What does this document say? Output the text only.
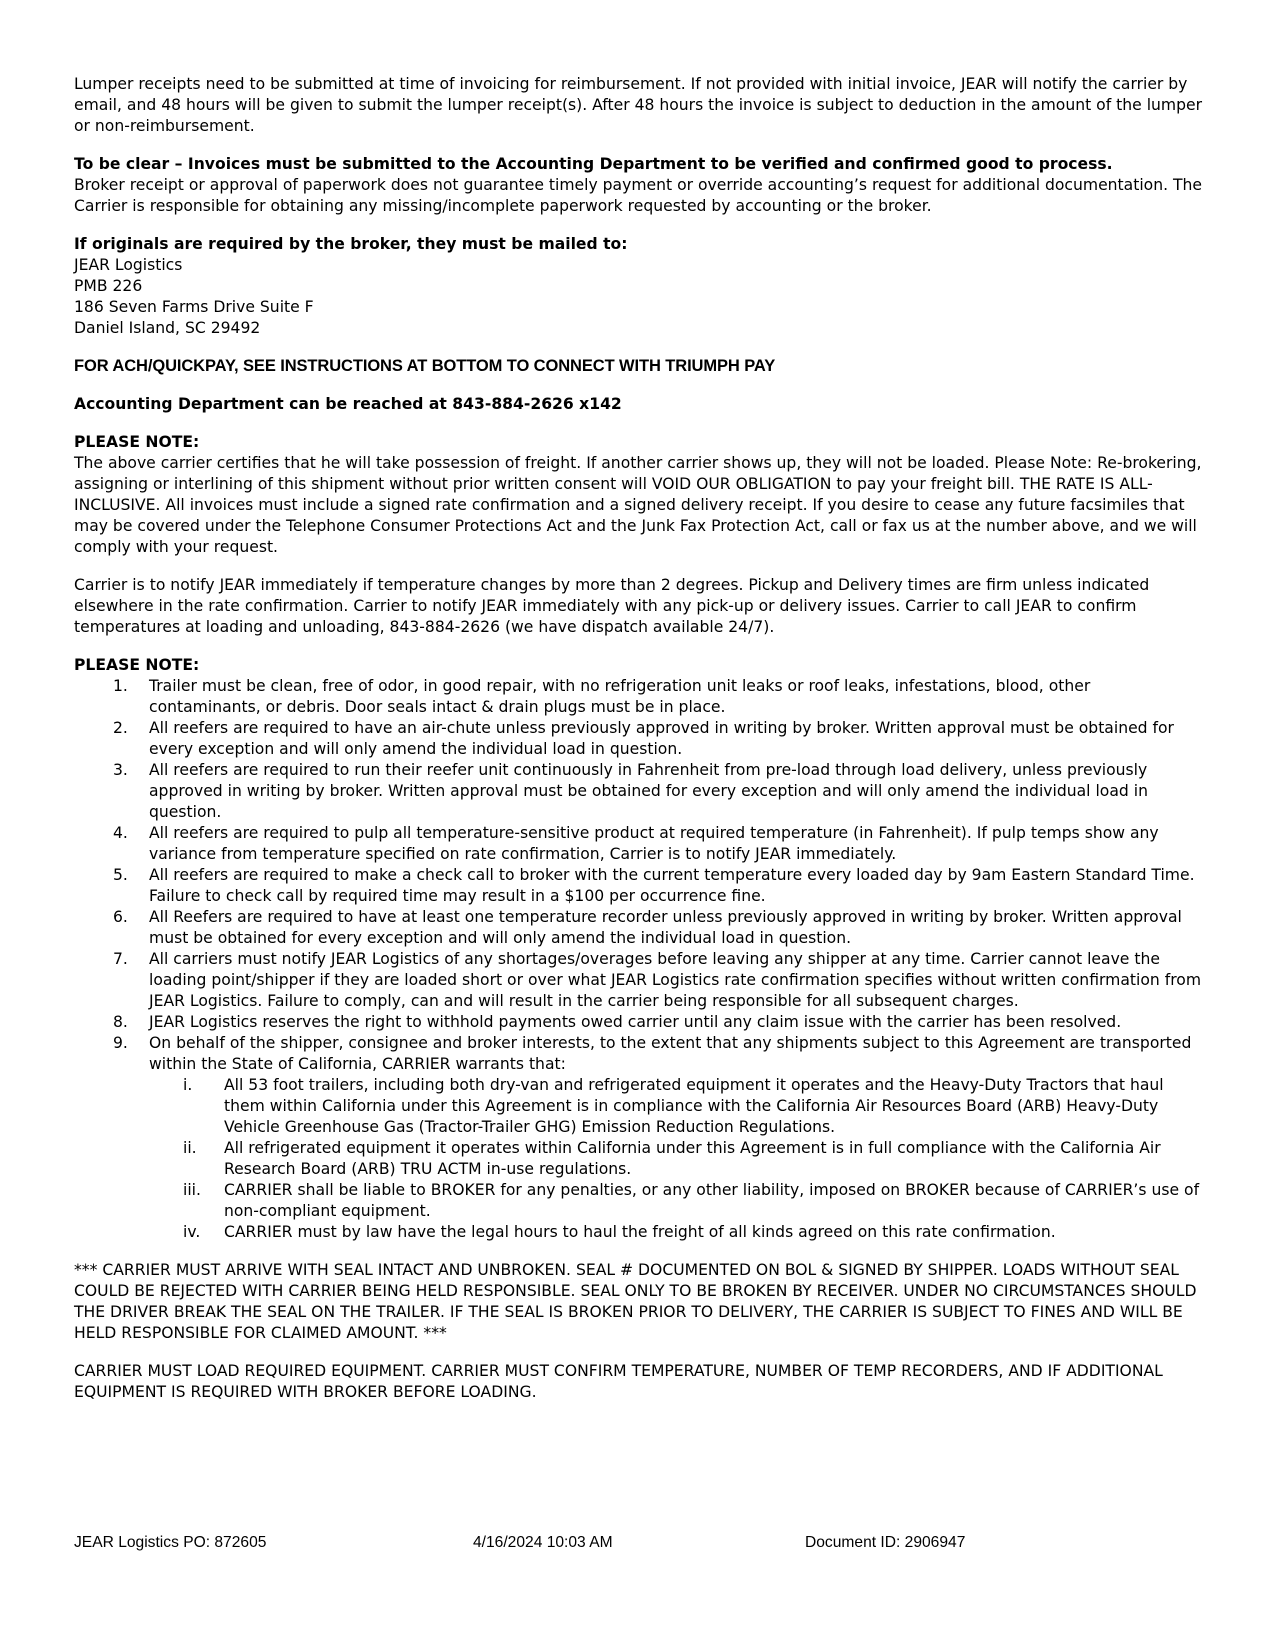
Lumper receipts need to be submitted at time of invoicing for reimbursement. If not provided with initial invoice, JEAR will notify the carrier by email, and 48 hours will be given to submit the lumper receipt(s). After 48 hours the invoice is subject to deduction in the amount of the lumper or non-reimbursement.

To be clear – Invoices must be submitted to the Accounting Department to be verified and confirmed good to process.

Broker receipt or approval of paperwork does not guarantee timely payment or override accounting’s request for additional documentation. The Carrier is responsible for obtaining any missing/incomplete paperwork requested by accounting or the broker.

If originals are required by the broker, they must be mailed to:

JEAR Logistics

PMB 226

186 Seven Farms Drive Suite F

Daniel Island, SC 29492

FOR ACH/QUICKPAY, SEE INSTRUCTIONS AT BOTTOM TO CONNECT WITH TRIUMPH PAY

Accounting Department can be reached at 843-884-2626 x142

PLEASE NOTE:

The above carrier certifies that he will take possession of freight. If another carrier shows up, they will not be loaded. Please Note: Re-brokering, assigning or interlining of this shipment without prior written consent will VOID OUR OBLIGATION to pay your freight bill. THE RATE IS ALL-INCLUSIVE. All invoices must include a signed rate confirmation and a signed delivery receipt. If you desire to cease any future facsimiles that may be covered under the Telephone Consumer Protections Act and the Junk Fax Protection Act, call or fax us at the number above, and we will comply with your request.

Carrier is to notify JEAR immediately if temperature changes by more than 2 degrees. Pickup and Delivery times are firm unless indicated elsewhere in the rate confirmation. Carrier to notify JEAR immediately with any pick-up or delivery issues. Carrier to call JEAR to confirm temperatures at loading and unloading, 843-884-2626 (we have dispatch available 24/7).

PLEASE NOTE:

1. Trailer must be clean, free of odor, in good repair, with no refrigeration unit leaks or roof leaks, infestations, blood, other contaminants, or debris. Door seals intact & drain plugs must be in place.
2. All reefers are required to have an air-chute unless previously approved in writing by broker. Written approval must be obtained for every exception and will only amend the individual load in question.
3. All reefers are required to run their reefer unit continuously in Fahrenheit from pre-load through load delivery, unless previously approved in writing by broker. Written approval must be obtained for every exception and will only amend the individual load in question.
4. All reefers are required to pulp all temperature-sensitive product at required temperature (in Fahrenheit). If pulp temps show any variance from temperature specified on rate confirmation, Carrier is to notify JEAR immediately.
5. All reefers are required to make a check call to broker with the current temperature every loaded day by 9am Eastern Standard Time. Failure to check call by required time may result in a $100 per occurrence fine.
6. All Reefers are required to have at least one temperature recorder unless previously approved in writing by broker. Written approval must be obtained for every exception and will only amend the individual load in question.
7. All carriers must notify JEAR Logistics of any shortages/overages before leaving any shipper at any time. Carrier cannot leave the loading point/shipper if they are loaded short or over what JEAR Logistics rate confirmation specifies without written confirmation from JEAR Logistics. Failure to comply, can and will result in the carrier being responsible for all subsequent charges.
8. JEAR Logistics reserves the right to withhold payments owed carrier until any claim issue with the carrier has been resolved.
9. On behalf of the shipper, consignee and broker interests, to the extent that any shipments subject to this Agreement are transported within the State of California, CARRIER warrants that:
i. All 53 foot trailers, including both dry-van and refrigerated equipment it operates and the Heavy-Duty Tractors that haul them within California under this Agreement is in compliance with the California Air Resources Board (ARB) Heavy-Duty Vehicle Greenhouse Gas (Tractor-Trailer GHG) Emission Reduction Regulations.
ii. All refrigerated equipment it operates within California under this Agreement is in full compliance with the California Air Research Board (ARB) TRU ACTM in-use regulations.
iii. CARRIER shall be liable to BROKER for any penalties, or any other liability, imposed on BROKER because of CARRIER’s use of non-compliant equipment.
iv. CARRIER must by law have the legal hours to haul the freight of all kinds agreed on this rate confirmation.

*** CARRIER MUST ARRIVE WITH SEAL INTACT AND UNBROKEN. SEAL # DOCUMENTED ON BOL & SIGNED BY SHIPPER. LOADS WITHOUT SEAL COULD BE REJECTED WITH CARRIER BEING HELD RESPONSIBLE. SEAL ONLY TO BE BROKEN BY RECEIVER. UNDER NO CIRCUMSTANCES SHOULD THE DRIVER BREAK THE SEAL ON THE TRAILER. IF THE SEAL IS BROKEN PRIOR TO DELIVERY, THE CARRIER IS SUBJECT TO FINES AND WILL BE HELD RESPONSIBLE FOR CLAIMED AMOUNT. ***

CARRIER MUST LOAD REQUIRED EQUIPMENT. CARRIER MUST CONFIRM TEMPERATURE, NUMBER OF TEMP RECORDERS, AND IF ADDITIONAL EQUIPMENT IS REQUIRED WITH BROKER BEFORE LOADING.

JEAR Logistics PO: 872605	4/16/2024 10:03 AM	Document ID: 2906947
